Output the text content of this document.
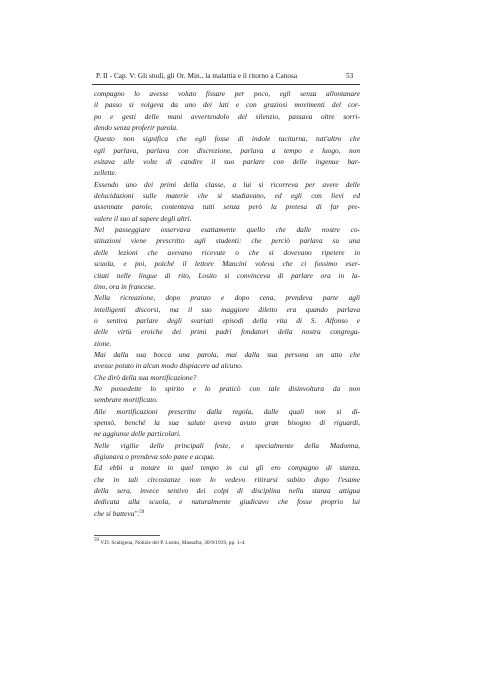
P. II - Cap. V: Gli studi, gli Or. Min., la malattia e il ritorno a Canosa	53
compagno lo avesse voluto fissare per poco, egli senza allontanare
il passo si volgeva da uno dei lati e con graziosi movimenti del cor-
po e gesti delle mani avvertendolo del silenzio, passava oltre sorri-
dendo senza proferir parola.
Questo non significa che egli fosse di indole taciturna, tutt'altro che
egli parlava, parlava con discrezione, parlava a tempo e luogo, non
esitava alle volte di candire il suo parlare con delle ingenue bar-
zellette.
Essendo uno dei primi della classe, a lui si ricorreva per avere delle
delucidazioni sulle materie che si studiavano, ed egli con lievi ed
assennate parole, contentava tutti senza però la pretesa di far pre-
valere il suo al sapere degli altri.
Nel passeggiare osservava esattamente quello che dalle nostre co-
stituzioni viene prescritto agli studenti: che perciò parlava su una
delle lezioni che avevano ricevute o che si dovevano ripetere in
scuola, e poi, poiché il lettore Mancini voleva che ci fossimo eser-
citati nelle lingue di rito, Losito si convinceva di parlare ora in la-
tino, ora in francese.
Nella ricreazione, dopo pranzo e dopo cena, prendeva parte agli
intelligenti discorsi, ma il suo maggiore diletto era quando parlava
o sentiva parlare degli svariati episodi della vita di S. Alfonso e
delle virtù eroiche dei primi padri fondatori della nostra congrega-
zione.
Mai dalla sua bocca una parola, mai dalla sua persona un atto che
avesse potuto in alcun modo dispiacere ad alcuno.
Che dirò della sua mortificazione?
Ne possedette lo spirito e lo praticò con tale disinvoltura da non
sembrare mortificato.
Alle mortificazioni prescritte dalla regola, dalle quali non si di-
spensò, benché la sua salute aveva avuto gran bisogno di riguardi,
ne aggiunse delle particolari.
Nelle vigilie delle principali feste, e specialmente della Madonna,
digiunava o prendeva solo pane e acqua.
Ed ebbi a notare in quel tempo in cui gli ero compagno di stanza,
che in tali circostanze non lo vedevo ritirarsi subito dopo l'esame
della sera, invece sentivo dei colpi di disciplina nella stanza attigua
dedicata alla scuola, e naturalmente giudicavo che fosse proprio lui
che si batteva".$^{59}$
$^{59}$ V.D. Scaligena, Notizie del P. Losito, Massafra, 30/9/1919, pp. 1-4.
